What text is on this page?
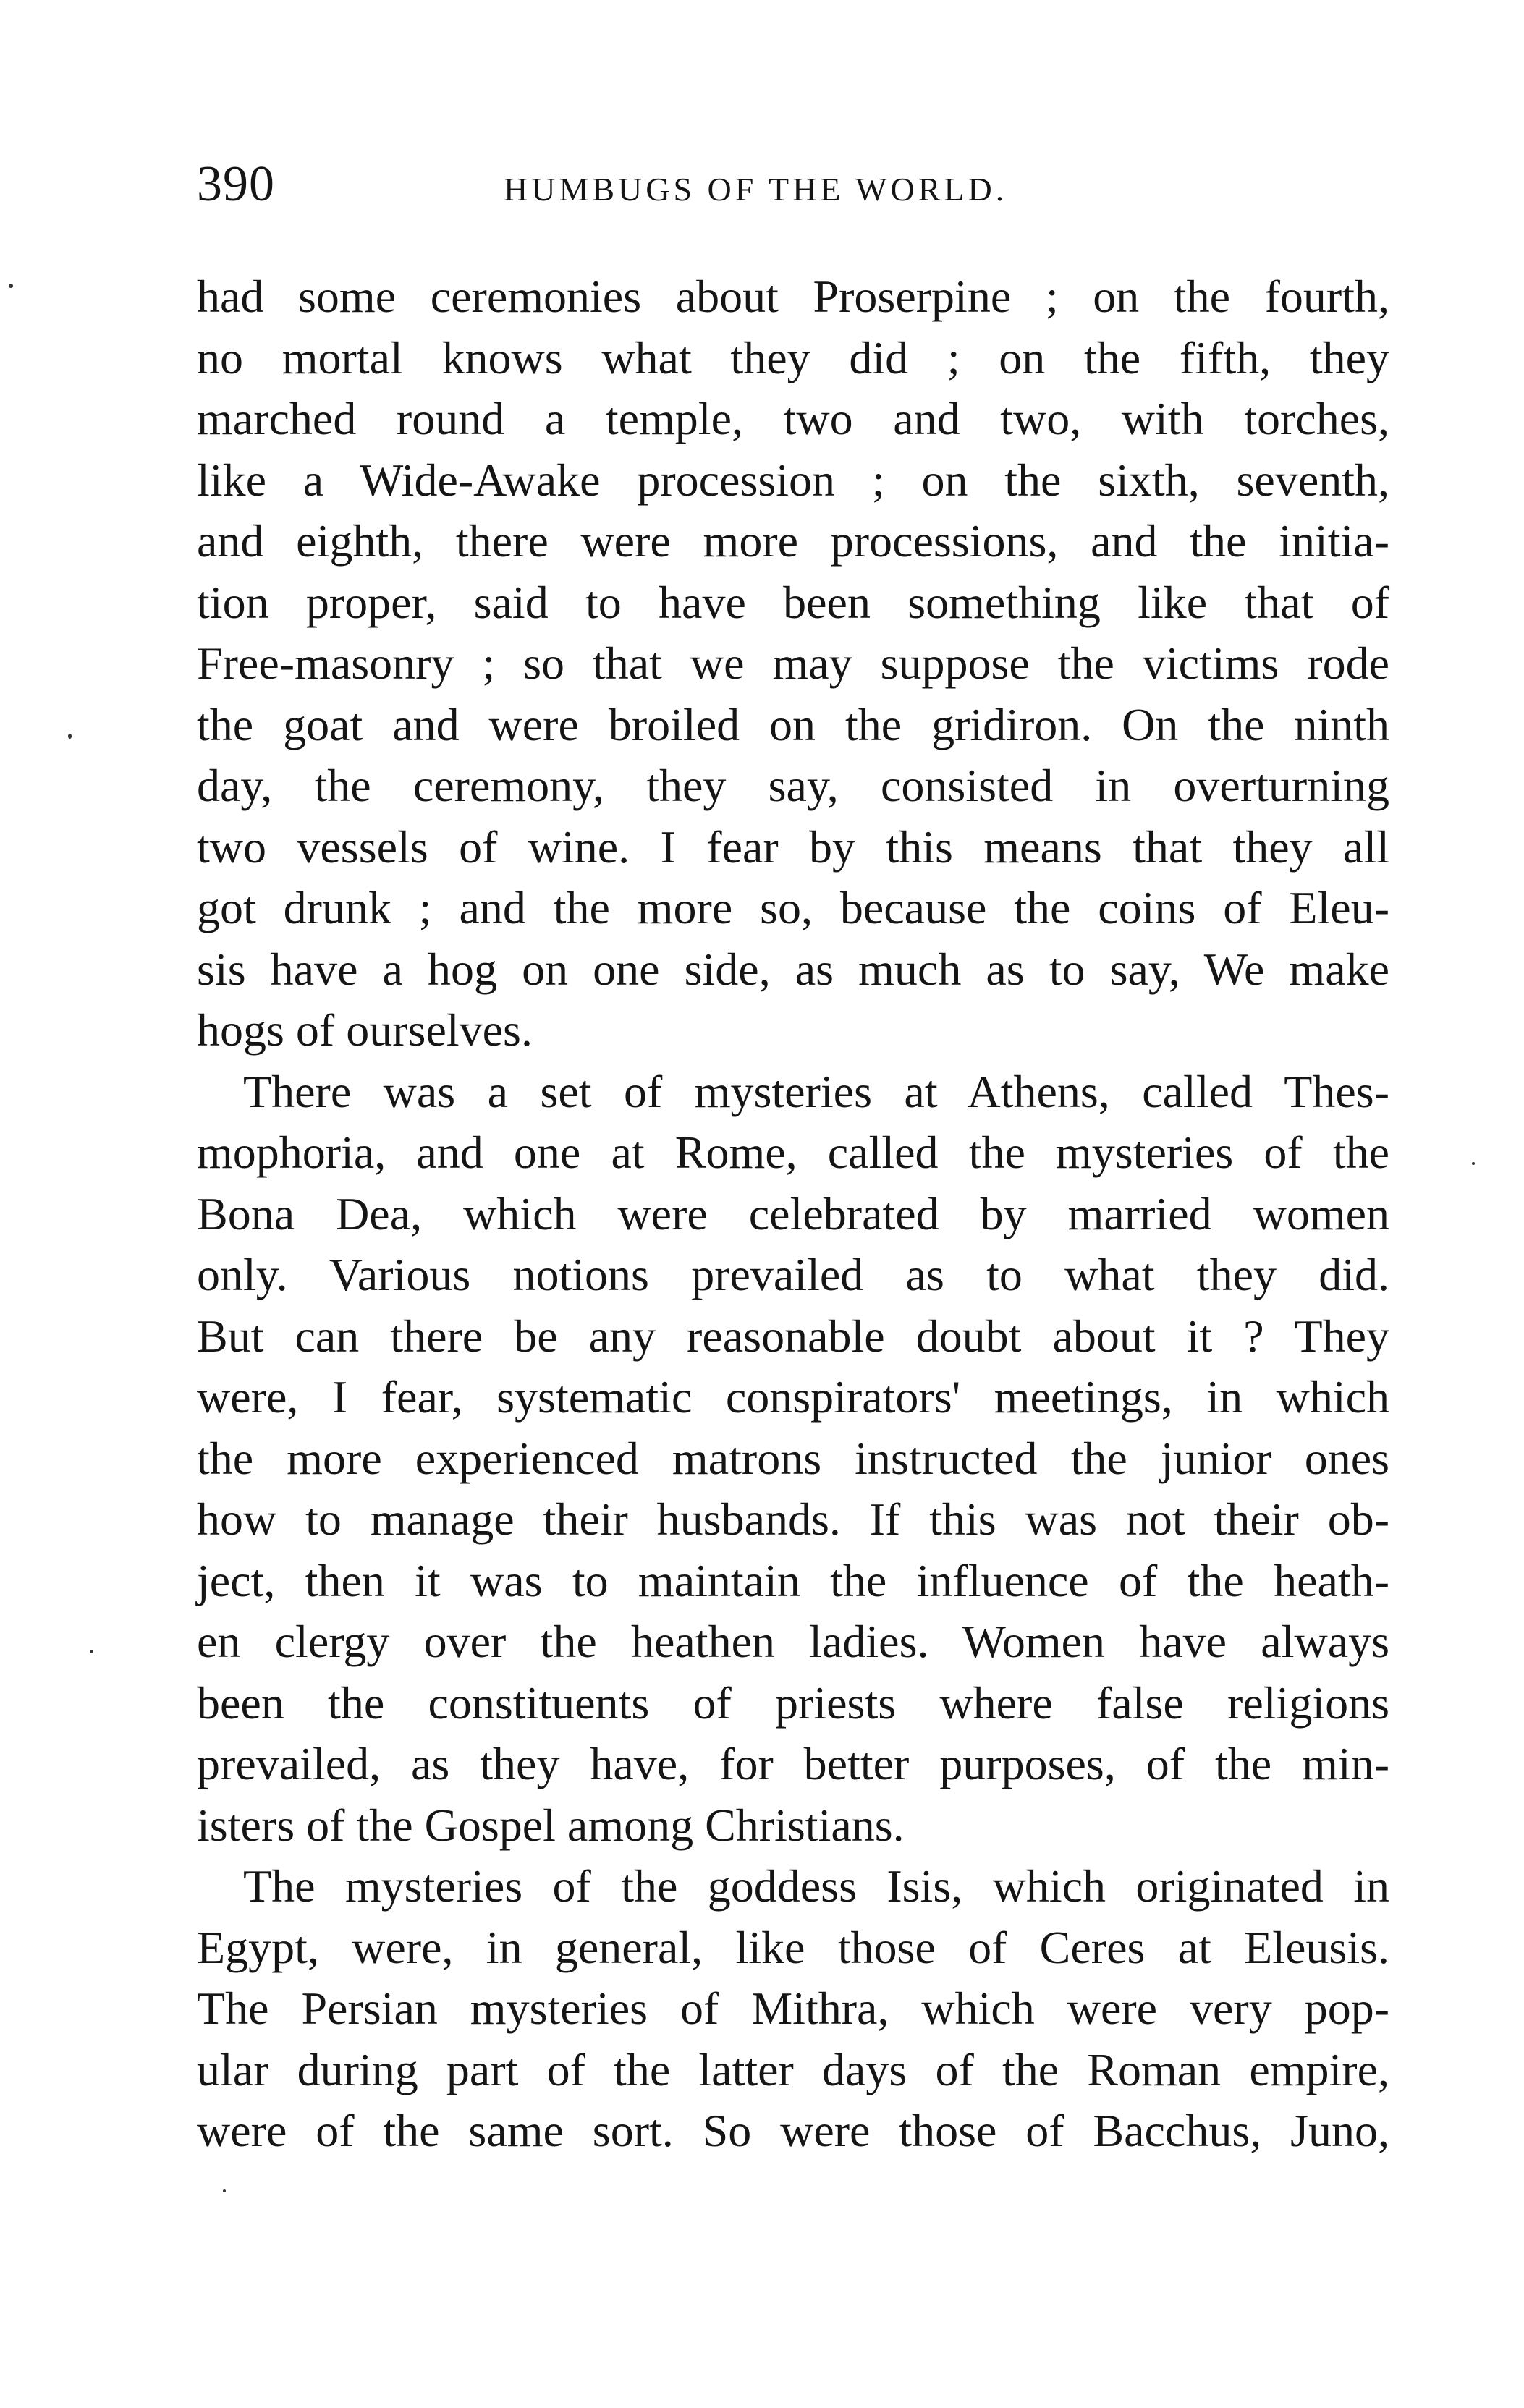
390	HUMBUGS OF THE WORLD.
had some ceremonies about Proserpine ; on the fourth,
no mortal knows what they did ; on the fifth, they
marched round a temple, two and two, with torches,
like a Wide-Awake procession ; on the sixth, seventh,
and eighth, there were more processions, and the initia-
tion proper, said to have been something like that of
Free-masonry ; so that we may suppose the victims rode
the goat and were broiled on the gridiron. On the ninth
day, the ceremony, they say, consisted in overturning
two vessels of wine. I fear by this means that they all
got drunk ; and the more so, because the coins of Eleu-
sis have a hog on one side, as much as to say, We make
hogs of ourselves.
There was a set of mysteries at Athens, called Thes-
mophoria, and one at Rome, called the mysteries of the
Bona Dea, which were celebrated by married women
only. Various notions prevailed as to what they did.
But can there be any reasonable doubt about it ? They
were, I fear, systematic conspirators' meetings, in which
the more experienced matrons instructed the junior ones
how to manage their husbands. If this was not their ob-
ject, then it was to maintain the influence of the heath-
en clergy over the heathen ladies. Women have always
been the constituents of priests where false religions
prevailed, as they have, for better purposes, of the min-
isters of the Gospel among Christians.
The mysteries of the goddess Isis, which originated in
Egypt, were, in general, like those of Ceres at Eleusis.
The Persian mysteries of Mithra, which were very pop-
ular during part of the latter days of the Roman empire,
were of the same sort. So were those of Bacchus, Juno,
